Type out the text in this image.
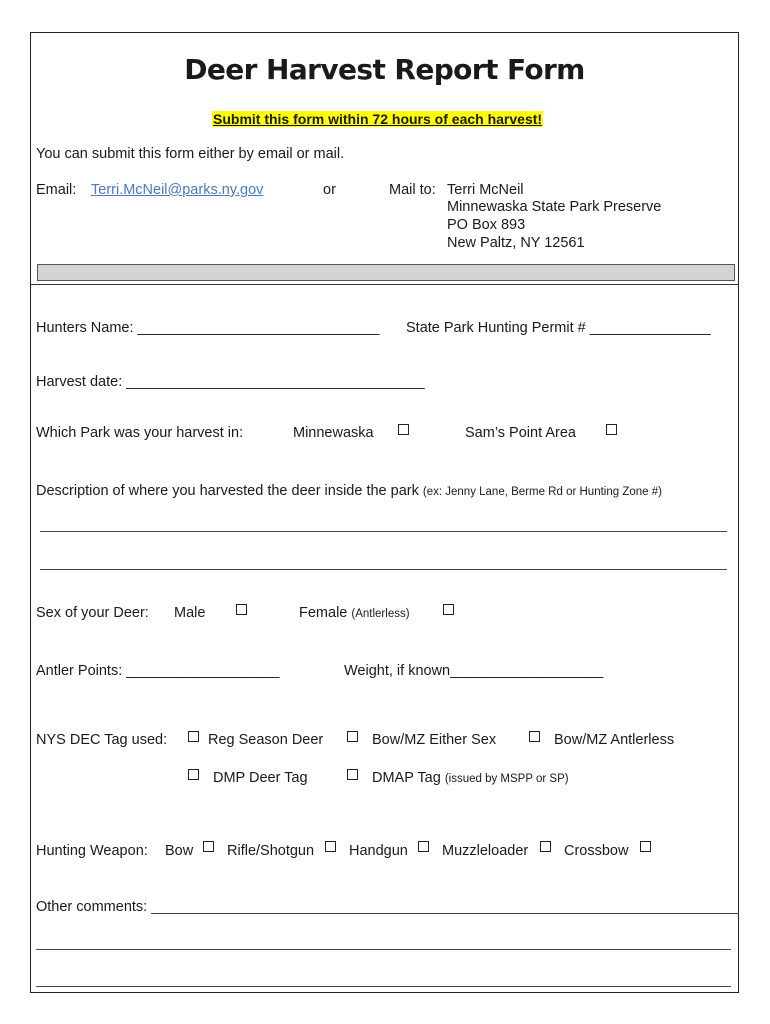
Deer Harvest Report Form
Submit this form within 72 hours of each harvest!
You can submit this form either by email or mail.
Email: Terri.McNeil@parks.ny.gov	or	Mail to: Terri McNeil
Minnewaska State Park Preserve
PO Box 893
New Paltz, NY 12561
Hunters Name: ______________________________ State Park Hunting Permit # _______________
Harvest date: _____________________________________
Which Park was your harvest in:	Minnewaska	Sam’s Point Area
Description of where you harvested the deer inside the park (ex: Jenny Lane, Berme Rd or Hunting Zone #)
Sex of your Deer: Male	Female (Antlerless)
Antler Points: ___________________	Weight, if known___________________
NYS DEC Tag used:	Reg Season Deer	Bow/MZ Either Sex	Bow/MZ Antlerless
DMP Deer Tag	DMAP Tag (issued by MSPP or SP)
Hunting Weapon: Bow Rifle/Shotgun Handgun Muzzleloader Crossbow
Other comments:
